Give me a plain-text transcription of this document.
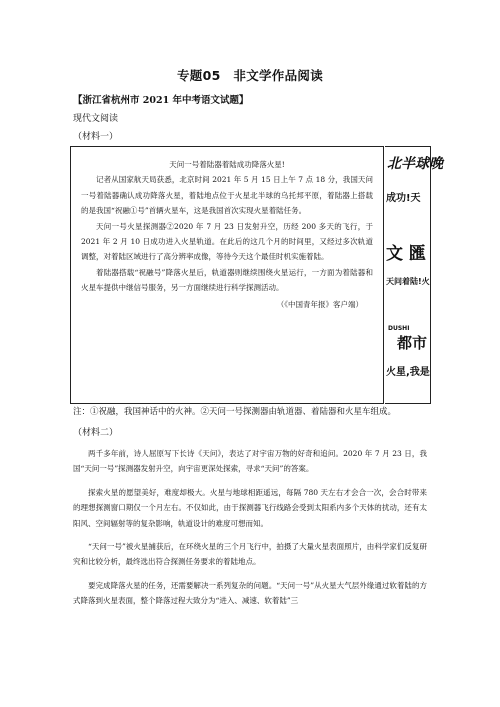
专题05　非文学作品阅读
【浙江省杭州市 2021 年中考语文试题】
现代文阅读
（材料一）
天问一号着陆器着陆成功降落火星!

记者从国家航天局获悉，北京时间 2021 年 5 月 15 日上午 7 点 18 分，我国天问一号着陆器确认成功降落火星，着陆地点位于火星北半球的乌托邦平原，着陆器上搭载的是我国“祝融①号”首辆火星车，这是我国首次实现火星着陆任务。

天问一号火星探测器②2020 年 7 月 23 日发射升空，历经 200 多天的飞行，于 2021 年 2 月 10 日成功进入火星轨道。在此后的这几个月的时间里，又经过多次轨道调整，对着陆区域进行了高分辨率成像，等待今天这个最佳时机实施着陆。

着陆器搭载“祝融号”降落火星后，轨道器则继续围绕火星运行，一方面为着陆器和火星车提供中继信号服务，另一方面继续进行科学探测活动。

（《中国青年报》客户端）
北半球晚
成功!天
文 匯
天问着陆!火
DUSHI
都市
火星,我是
注：①祝融，我国神话中的火神。②天问一号探测器由轨道器、着陆器和火星车组成。
（材料二）

两千多年前，诗人屈原写下长诗《天问》，表达了对宇宙万物的好奇和追问。2020 年 7 月 23 日，我国“天问一号”探测器发射升空，向宇宙更深处探索，寻求“天问”的答案。

探索火星的愿望美好，难度却极大。火星与地球相距遥远，每隔 780 天左右才会合一次，会合时带来的理想探测窗口期仅一个月左右。不仅如此，由于探测器飞行线路会受到太阳系内多个天体的扰动，还有太阳风、空间辐射等的复杂影响，轨道设计的难度可想而知。

“天问一号”被火星捕获后，在环绕火星的三个月飞行中，拍摄了大量火星表面照片，由科学家们反复研究和比较分析，最终选出符合探测任务要求的着陆地点。

要完成降落火星的任务，还需要解决一系列复杂的问题。“天问一号”从火星大气层外缘通过软着陆的方式降落到火星表面，整个降落过程大致分为“进入、减速、软着陆”三
